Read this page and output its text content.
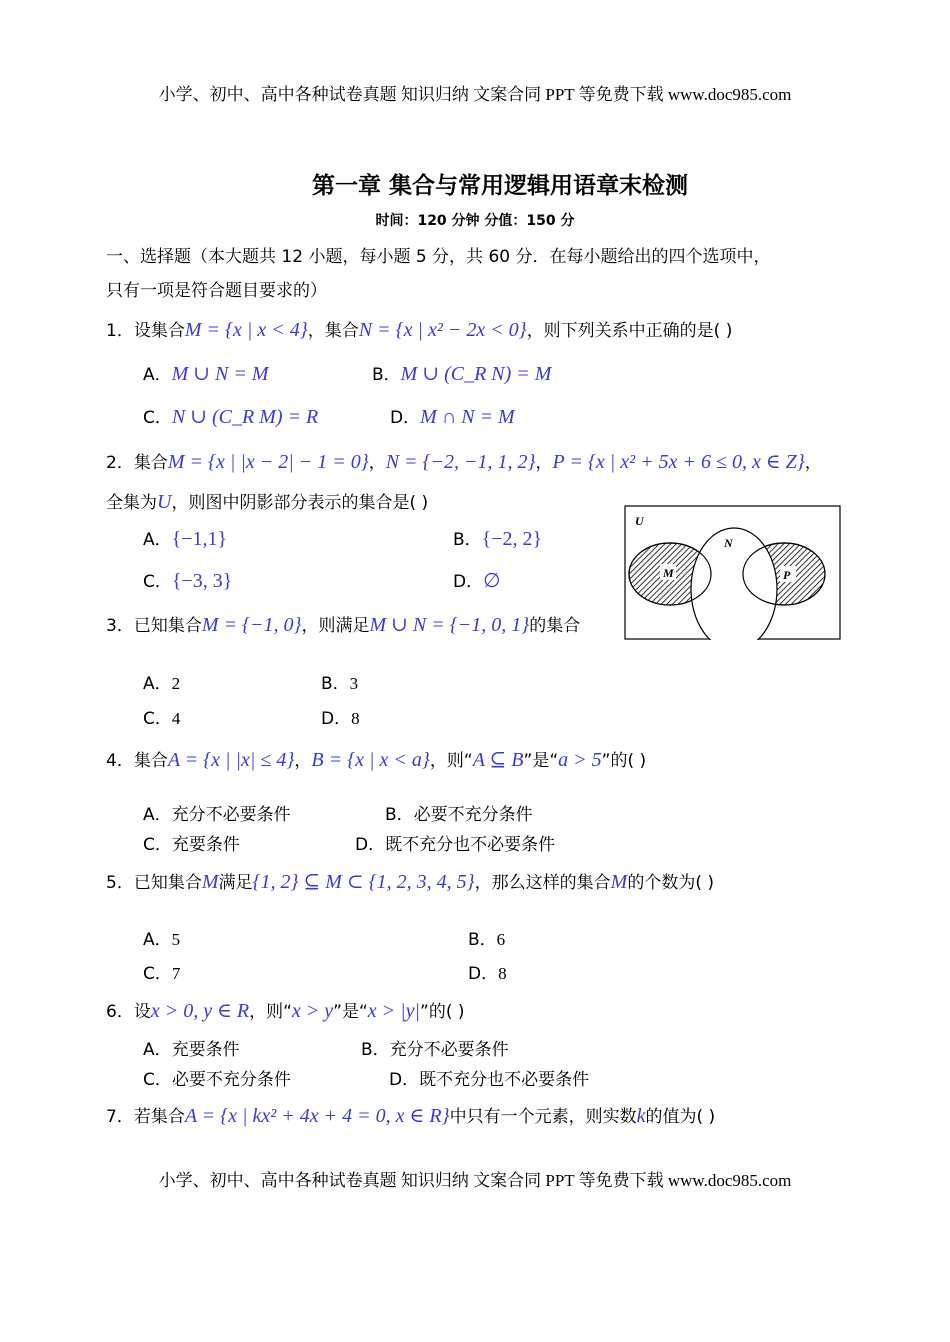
小学、初中、高中各种试卷真题 知识归纳 文案合同 PPT 等免费下载 www.doc985.com
第一章 集合与常用逻辑用语章末检测
时间：120 分钟 分值：150 分
一、选择题（本大题共 12 小题，每小题 5 分，共 60 分．在每小题给出的四个选项中，
只有一项是符合题目要求的）
1．设集合M = {x | x < 4}，集合N = {x | x² − 2x < 0}，则下列关系中正确的是( )
A．M ∪ N = M	B．M ∪ (C_R N) = M
C．N ∪ (C_R M) = R	D．M ∩ N = M
2．集合M = {x | |x − 2| − 1 = 0}，N = {−2, −1, 1, 2}，P = {x | x² + 5x + 6 ≤ 0, x ∈ Z}，
全集为U，则图中阴影部分表示的集合是( )
A．{−1,1}	B．{−2, 2}
C．{−3, 3}	D．∅
U
N
M	P
3．已知集合M = {−1, 0}，则满足M ∪ N = {−1, 0, 1}的集合
A．2	B．3
C．4	D．8
4．集合A = {x | |x| ≤ 4}，B = {x | x < a}，则“A ⊆ B”是“a > 5”的( )
A．充分不必要条件	B．必要不充分条件
C．充要条件	D．既不充分也不必要条件
5．已知集合M满足{1, 2} ⊆ M ⊂ {1, 2, 3, 4, 5}，那么这样的集合M的个数为( )
A．5	B．6
C．7	D．8
6．设x > 0, y ∈ R，则“x > y”是“x > |y|”的( )
A．充要条件	B．充分不必要条件
C．必要不充分条件	D．既不充分也不必要条件
7．若集合A = {x | kx² + 4x + 4 = 0, x ∈ R}中只有一个元素，则实数k的值为( )
小学、初中、高中各种试卷真题 知识归纳 文案合同 PPT 等免费下载 www.doc985.com
